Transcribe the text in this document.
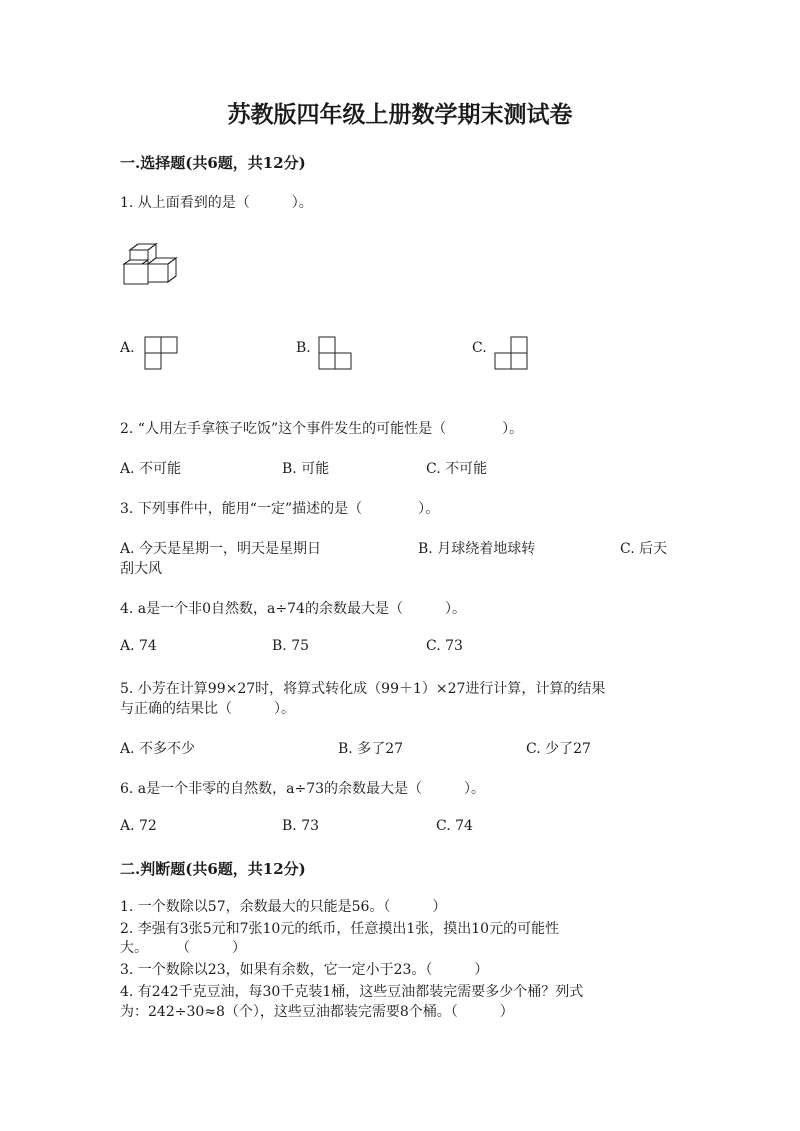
苏教版四年级上册数学期末测试卷
一.选择题(共6题，共12分)
1. 从上面看到的是（　　　）。
A.	B.	C.
2. “人用左手拿筷子吃饭”这个事件发生的可能性是（　　　　）。
A. 不可能	B. 可能	C. 不可能
3. 下列事件中，能用“一定”描述的是（　　　　）。
A. 今天是星期一，明天是星期日	B. 月球绕着地球转	C. 后天
刮大风
4. a是一个非0自然数，a÷74的余数最大是（　　　）。
A. 74	B. 75	C. 73
5. 小芳在计算99×27时，将算式转化成（99＋1）×27进行计算，计算的结果
与正确的结果比（　　　）。
A. 不多不少	B. 多了27	C. 少了27
6. a是一个非零的自然数，a÷73的余数最大是（　　　）。
A. 72	B. 73	C. 74
二.判断题(共6题，共12分)
1. 一个数除以57，余数最大的只能是56。（　　　）
2. 李强有3张5元和7张10元的纸币，任意摸出1张，摸出10元的可能性
大。　　　（　　　）
3. 一个数除以23，如果有余数，它一定小于23。（　　　）
4. 有242千克豆油，每30千克装1桶，这些豆油都装完需要多少个桶？列式
为：242÷30≈8（个），这些豆油都装完需要8个桶。（　　　）
